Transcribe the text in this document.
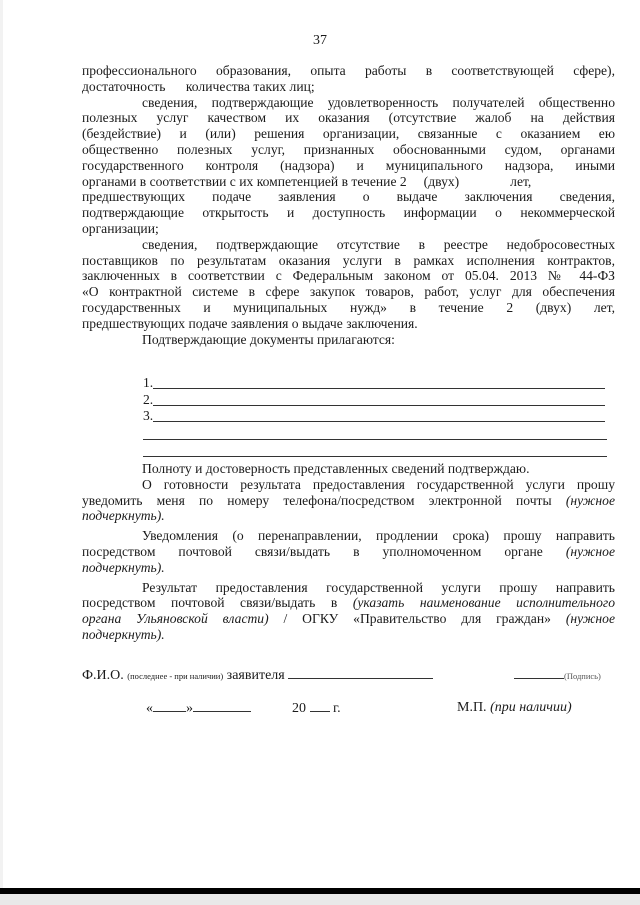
37
профессионального образования, опыта работы в соответствующей сфере),
достаточность      количества таких лиц;
сведения, подтверждающие удовлетворенность получателей общественно
полезных услуг качеством их оказания (отсутствие жалоб на действия
(бездействие) и (или) решения организации, связанные с оказанием ею
общественно полезных услуг, признанных обоснованными судом, органами
государственного контроля (надзора) и муниципального надзора, иными
органами в соответствии с их компетенцией в течение 2     (двух)               лет,
предшествующих подаче заявления о выдаче заключения сведения,
подтверждающие открытость и доступность информации о некоммерческой
организации;
сведения, подтверждающие отсутствие в реестре недобросовестных
поставщиков по результатам оказания услуги в рамках исполнения контрактов,
заключенных в соответствии с Федеральным законом от 05.04. 2013 № 44-ФЗ
«О контрактной системе в сфере закупок товаров, работ, услуг для обеспечения
государственных и муниципальных нужд» в течение 2 (двух) лет,
предшествующих подаче заявления о выдаче заключения.
Подтверждающие документы прилагаются:
1.
2.
3.
Полноту и достоверность представленных сведений подтверждаю.
О готовности результата предоставления государственной услуги прошу
уведомить меня по номеру телефона/посредством электронной почты (нужное
подчеркнуть).
Уведомления (о перенаправлении, продлении срока) прошу направить
посредством почтовой связи/выдать в уполномоченном органе (нужное
подчеркнуть).
Результат предоставления государственной услуги прошу направить
посредством почтовой связи/выдать в (указать наименование исполнительного
органа Ульяновской власти) / ОГКУ «Правительство для граждан» (нужное
подчеркнуть).
Ф.И.О. (последнее - при наличии) заявителя	(Подпись)
« »	20 г.	М.П. (при наличии)
